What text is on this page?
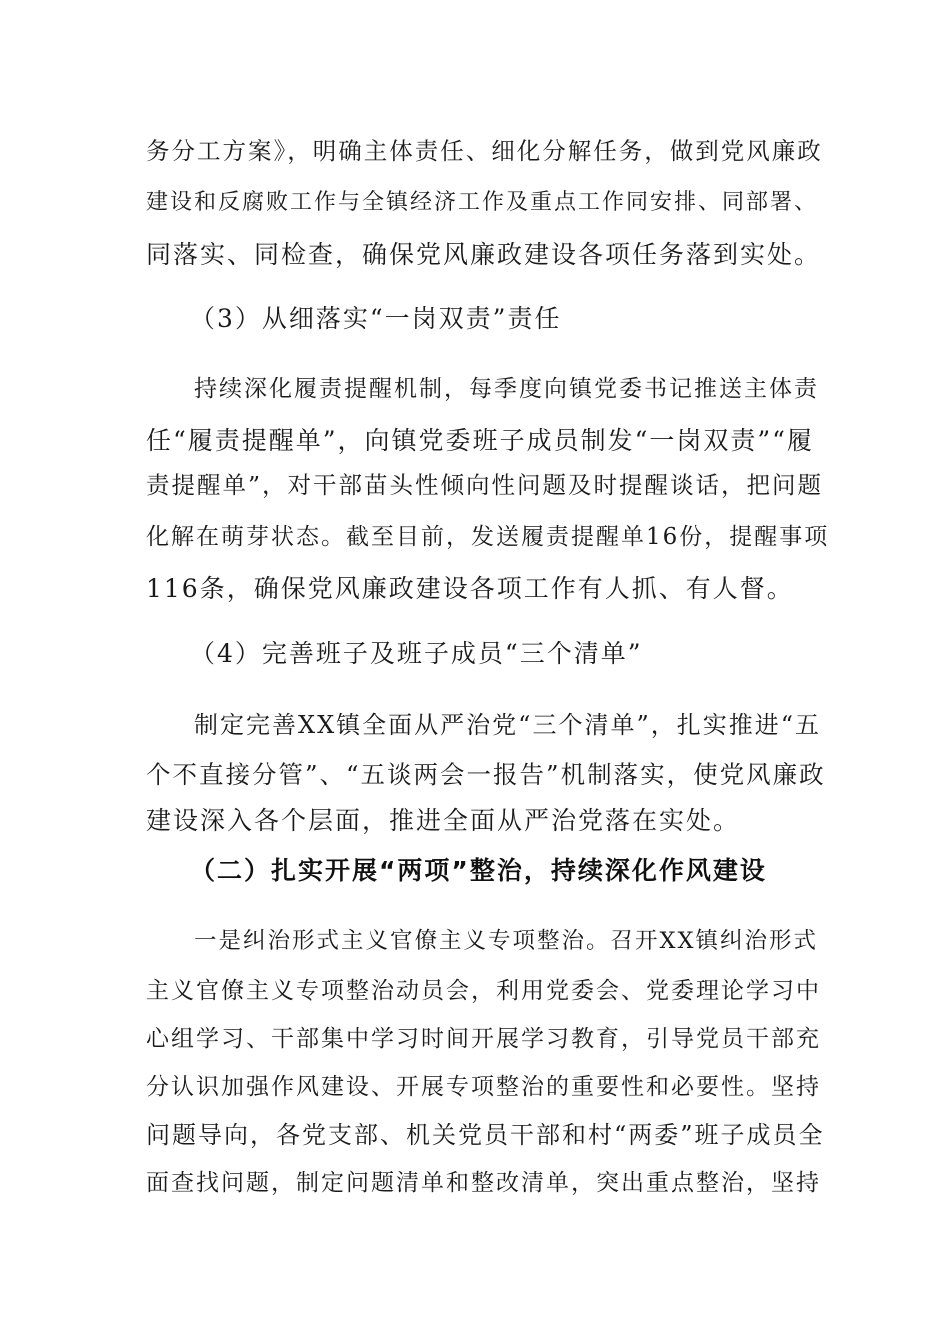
务分工方案》，明确主体责任、细化分解任务，做到党风廉政
建设和反腐败工作与全镇经济工作及重点工作同安排、同部署、
同落实、同检查，确保党风廉政建设各项任务落到实处。
（3）从细落实“一岗双责”责任
持续深化履责提醒机制，每季度向镇党委书记推送主体责
任“履责提醒单”，向镇党委班子成员制发“一岗双责”“履
责提醒单”，对干部苗头性倾向性问题及时提醒谈话，把问题
化解在萌芽状态。截至目前，发送履责提醒单16份，提醒事项
116条，确保党风廉政建设各项工作有人抓、有人督。
（4）完善班子及班子成员“三个清单”
制定完善XX镇全面从严治党“三个清单”，扎实推进“五
个不直接分管”、“五谈两会一报告”机制落实，使党风廉政
建设深入各个层面，推进全面从严治党落在实处。
（二）扎实开展“两项”整治，持续深化作风建设
一是纠治形式主义官僚主义专项整治。召开XX镇纠治形式
主义官僚主义专项整治动员会，利用党委会、党委理论学习中
心组学习、干部集中学习时间开展学习教育，引导党员干部充
分认识加强作风建设、开展专项整治的重要性和必要性。坚持
问题导向，各党支部、机关党员干部和村“两委”班子成员全
面查找问题，制定问题清单和整改清单，突出重点整治，坚持
